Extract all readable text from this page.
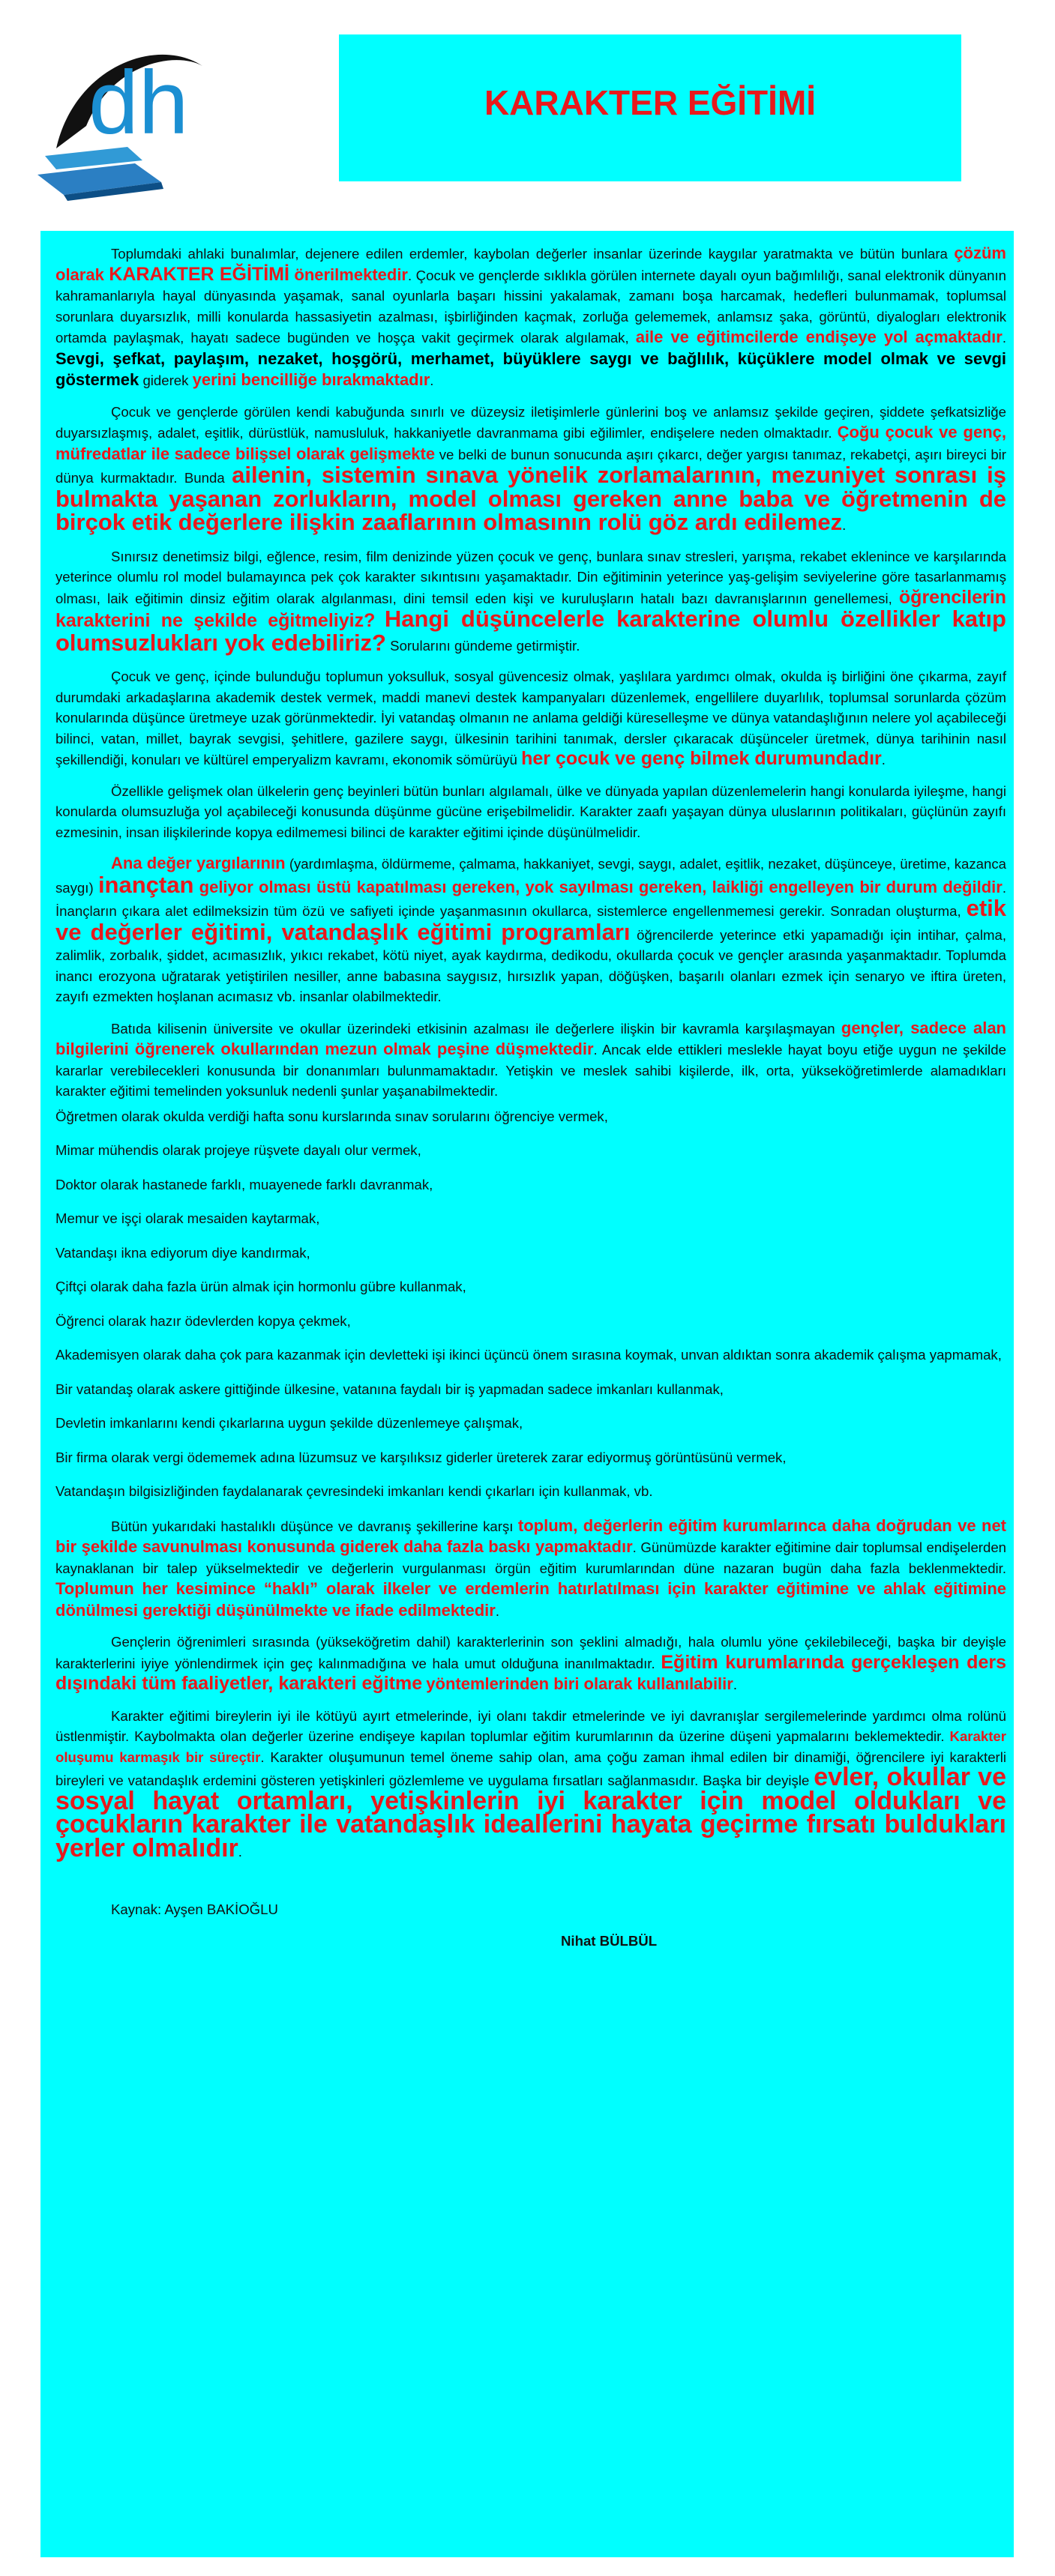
dh	KARAKTER EĞİTİMİ

Toplumdaki ahlaki bunalımlar, dejenere edilen erdemler, kaybolan değerler insanlar üzerinde kaygılar yaratmakta ve bütün bunlara çözüm olarak KARAKTER EĞİTİMİ önerilmektedir. Çocuk ve gençlerde sıklıkla görülen internete dayalı oyun bağımlılığı, sanal elektronik dünyanın kahramanlarıyla hayal dünyasında yaşamak, sanal oyunlarla başarı hissini yakalamak, zamanı boşa harcamak, hedefleri bulunmamak, toplumsal sorunlara duyarsızlık, milli konularda hassasiyetin azalması, işbirliğinden kaçmak, zorluğa gelememek, anlamsız şaka, görüntü, diyalogları elektronik ortamda paylaşmak, hayatı sadece bugünden ve hoşça vakit geçirmek olarak algılamak, aile ve eğitimcilerde endişeye yol açmaktadır. Sevgi, şefkat, paylaşım, nezaket, hoşgörü, merhamet, büyüklere saygı ve bağlılık, küçüklere model olmak ve sevgi göstermek giderek yerini bencilliğe bırakmaktadır.

Çocuk ve gençlerde görülen kendi kabuğunda sınırlı ve düzeysiz iletişimlerle günlerini boş ve anlamsız şekilde geçiren, şiddete şefkatsizliğe duyarsızlaşmış, adalet, eşitlik, dürüstlük, namusluluk, hakkaniyetle davranmama gibi eğilimler, endişelere neden olmaktadır. Çoğu çocuk ve genç, müfredatlar ile sadece bilişsel olarak gelişmekte ve belki de bunun sonucunda aşırı çıkarcı, değer yargısı tanımaz, rekabetçi, aşırı bireyci bir dünya kurmaktadır. Bunda ailenin, sistemin sınava yönelik zorlamalarının, mezuniyet sonrası iş bulmakta yaşanan zorlukların, model olması gereken anne baba ve öğretmenin de birçok etik değerlere ilişkin zaaflarının olmasının rolü göz ardı edilemez.

Sınırsız denetimsiz bilgi, eğlence, resim, film denizinde yüzen çocuk ve genç, bunlara sınav stresleri, yarışma, rekabet eklenince ve karşılarında yeterince olumlu rol model bulamayınca pek çok karakter sıkıntısını yaşamaktadır. Din eğitiminin yeterince yaş-gelişim seviyelerine göre tasarlanmamış olması, laik eğitimin dinsiz eğitim olarak algılanması, dini temsil eden kişi ve kuruluşların hatalı bazı davranışlarının genellemesi, öğrencilerin karakterini ne şekilde eğitmeliyiz? Hangi düşüncelerle karakterine olumlu özellikler katıp olumsuzlukları yok edebiliriz? Sorularını gündeme getirmiştir.

Çocuk ve genç, içinde bulunduğu toplumun yoksulluk, sosyal güvencesiz olmak, yaşlılara yardımcı olmak, okulda iş birliğini öne çıkarma, zayıf durumdaki arkadaşlarına akademik destek vermek, maddi manevi destek kampanyaları düzenlemek, engellilere duyarlılık, toplumsal sorunlarda çözüm konularında düşünce üretmeye uzak görünmektedir. İyi vatandaş olmanın ne anlama geldiği küreselleşme ve dünya vatandaşlığının nelere yol açabileceği bilinci, vatan, millet, bayrak sevgisi, şehitlere, gazilere saygı, ülkesinin tarihini tanımak, dersler çıkaracak düşünceler üretmek, dünya tarihinin nasıl şekillendiği, konuları ve kültürel emperyalizm kavramı, ekonomik sömürüyü her çocuk ve genç bilmek durumundadır.

Özellikle gelişmek olan ülkelerin genç beyinleri bütün bunları algılamalı, ülke ve dünyada yapılan düzenlemelerin hangi konularda iyileşme, hangi konularda olumsuzluğa yol açabileceği konusunda düşünme gücüne erişebilmelidir. Karakter zaafı yaşayan dünya uluslarının politikaları, güçlünün zayıfı ezmesinin, insan ilişkilerinde kopya edilmemesi bilinci de karakter eğitimi içinde düşünülmelidir.

Ana değer yargılarının (yardımlaşma, öldürmeme, çalmama, hakkaniyet, sevgi, saygı, adalet, eşitlik, nezaket, düşünceye, üretime, kazanca saygı) inançtan geliyor olması üstü kapatılması gereken, yok sayılması gereken, laikliği engelleyen bir durum değildir. İnançların çıkara alet edilmeksizin tüm özü ve safiyeti içinde yaşanmasının okullarca, sistemlerce engellenmemesi gerekir. Sonradan oluşturma, etik ve değerler eğitimi, vatandaşlık eğitimi programları öğrencilerde yeterince etki yapamadığı için intihar, çalma, zalimlik, zorbalık, şiddet, acımasızlık, yıkıcı rekabet, kötü niyet, ayak kaydırma, dedikodu, okullarda çocuk ve gençler arasında yaşanmaktadır. Toplumda inancı erozyona uğratarak yetiştirilen nesiller, anne babasına saygısız, hırsızlık yapan, döğüşken, başarılı olanları ezmek için senaryo ve iftira üreten, zayıfı ezmekten hoşlanan acımasız vb. insanlar olabilmektedir.

Batıda kilisenin üniversite ve okullar üzerindeki etkisinin azalması ile değerlere ilişkin bir kavramla karşılaşmayan gençler, sadece alan bilgilerini öğrenerek okullarından mezun olmak peşine düşmektedir. Ancak elde ettikleri meslekle hayat boyu etiğe uygun ne şekilde kararlar verebilecekleri konusunda bir donanımları bulunmamaktadır. Yetişkin ve meslek sahibi kişilerde, ilk, orta, yükseköğretimlerde alamadıkları karakter eğitimi temelinden yoksunluk nedenli şunlar yaşanabilmektedir.

Öğretmen olarak okulda verdiği hafta sonu kurslarında sınav sorularını öğrenciye vermek,

Mimar mühendis olarak projeye rüşvete dayalı olur vermek,

Doktor olarak hastanede farklı, muayenede farklı davranmak,

Memur ve işçi olarak mesaiden kaytarmak,

Vatandaşı ikna ediyorum diye kandırmak,

Çiftçi olarak daha fazla ürün almak için hormonlu gübre kullanmak,

Öğrenci olarak hazır ödevlerden kopya çekmek,

Akademisyen olarak daha çok para kazanmak için devletteki işi ikinci üçüncü önem sırasına koymak, unvan aldıktan sonra akademik çalışma yapmamak,

Bir vatandaş olarak askere gittiğinde ülkesine, vatanına faydalı bir iş yapmadan sadece imkanları kullanmak,

Devletin imkanlarını kendi çıkarlarına uygun şekilde düzenlemeye çalışmak,

Bir firma olarak vergi ödememek adına lüzumsuz ve karşılıksız giderler üreterek zarar ediyormuş görüntüsünü vermek,

Vatandaşın bilgisizliğinden faydalanarak çevresindeki imkanları kendi çıkarları için kullanmak, vb.

Bütün yukarıdaki hastalıklı düşünce ve davranış şekillerine karşı toplum, değerlerin eğitim kurumlarınca daha doğrudan ve net bir şekilde savunulması konusunda giderek daha fazla baskı yapmaktadır. Günümüzde karakter eğitimine dair toplumsal endişelerden kaynaklanan bir talep yükselmektedir ve değerlerin vurgulanması örgün eğitim kurumlarından düne nazaran bugün daha fazla beklenmektedir. Toplumun her kesimince “haklı” olarak ilkeler ve erdemlerin hatırlatılması için karakter eğitimine ve ahlak eğitimine dönülmesi gerektiği düşünülmekte ve ifade edilmektedir.

Gençlerin öğrenimleri sırasında (yükseköğretim dahil) karakterlerinin son şeklini almadığı, hala olumlu yöne çekilebileceği, başka bir deyişle karakterlerini iyiye yönlendirmek için geç kalınmadığına ve hala umut olduğuna inanılmaktadır. Eğitim kurumlarında gerçekleşen ders dışındaki tüm faaliyetler, karakteri eğitme yöntemlerinden biri olarak kullanılabilir.

Karakter eğitimi bireylerin iyi ile kötüyü ayırt etmelerinde, iyi olanı takdir etmelerinde ve iyi davranışlar sergilemelerinde yardımcı olma rolünü üstlenmiştir. Kaybolmakta olan değerler üzerine endişeye kapılan toplumlar eğitim kurumlarının da üzerine düşeni yapmalarını beklemektedir. Karakter oluşumu karmaşık bir süreçtir. Karakter oluşumunun temel öneme sahip olan, ama çoğu zaman ihmal edilen bir dinamiği, öğrencilere iyi karakterli bireyleri ve vatandaşlık erdemini gösteren yetişkinleri gözlemleme ve uygulama fırsatları sağlanmasıdır. Başka bir deyişle evler, okullar ve sosyal hayat ortamları, yetişkinlerin iyi karakter için model oldukları ve çocukların karakter ile vatandaşlık ideallerini hayata geçirme fırsatı buldukları yerler olmalıdır.

Kaynak: Ayşen BAKİOĞLU

Nihat BÜLBÜL
